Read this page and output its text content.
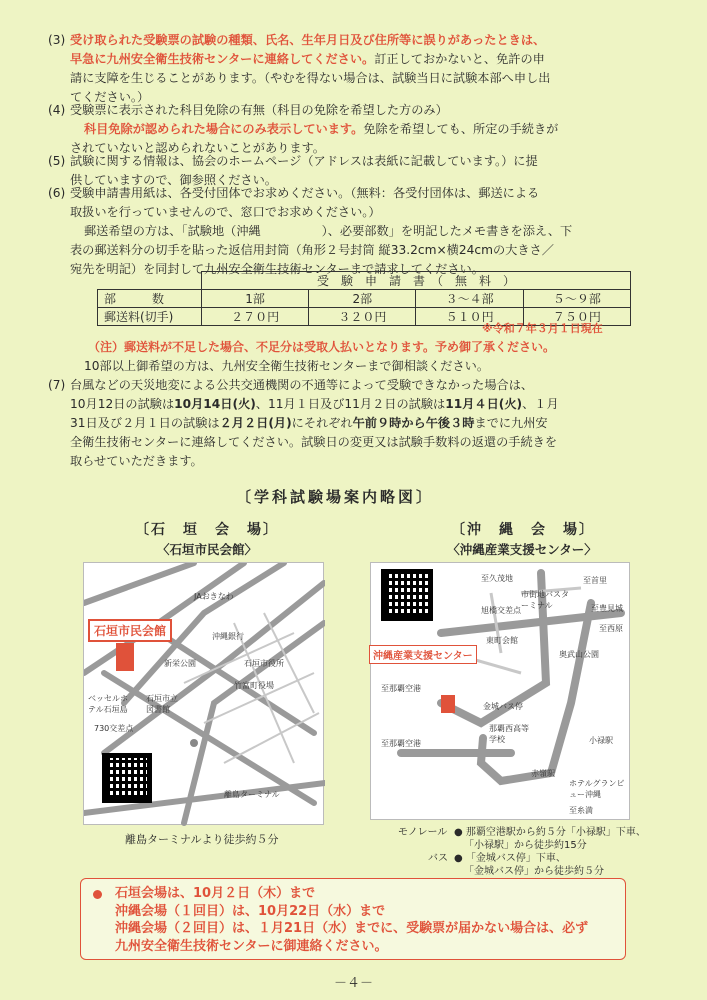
(3) 受け取られた受験票の試験の種類、氏名、生年月日及び住所等に誤りがあったときは、
早急に九州安全衛生技術センターに連絡してください。訂正しておかないと、免許の申
請に支障を生じることがあります。（やむを得ない場合は、試験当日に試験本部へ申し出
てください。）
(4) 受験票に表示された科目免除の有無（科目の免除を希望した方のみ）
科目免除が認められた場合にのみ表示しています。免除を希望しても、所定の手続きが
されていないと認められないことがあります。
(5) 試験に関する情報は、協会のホームページ（アドレスは表紙に記載しています。）に提
供していますので、御参照ください。
(6) 受験申請書用紙は、各受付団体でお求めください。（無料：各受付団体は、郵送による
取扱いを行っていませんので、窓口でお求めください。）
郵送希望の方は、「試験地（沖縄　　　　　）、必要部数」を明記したメモ書きを添え、下
表の郵送料分の切手を貼った返信用封筒（角形２号封筒 縦33.2cm×横24cmの大きさ／
宛先を明記）を同封して九州安全衛生技術センターまで請求してください。
	受　験　申　請　書　（　無　料　）			
部　　　数	1部	2部	３～４部	５～９部
郵送料(切手)	２７０円	３２０円	５１０円	７５０円
※令和７年３月１日現在
（注）郵送料が不足した場合、不足分は受取人払いとなります。予め御了承ください。
10部以上御希望の方は、九州安全衛生技術センターまで御相談ください。
(7) 台風などの天災地変による公共交通機関の不通等によって受験できなかった場合は、
10月12日の試験は10月14日(火)、11月１日及び11月２日の試験は11月４日(火)、１月
31日及び２月１日の試験は２月２日(月)にそれぞれ午前９時から午後３時までに九州安
全衛生技術センターに連絡してください。試験日の変更又は試験手数料の返還の手続きを
取らせていただきます。
〔学科試験場案内略図〕
〔石　垣　会　場〕
〈石垣市民会館〉
石垣市民会館
JAおきなわ
沖縄銀行
石垣市役所
竹富町役場
新栄公園
ベッセルホテル石垣島
石垣市立図書館
730交差点
離島ターミナル
離島ターミナルより徒歩約５分
〔沖　縄　会　場〕
〈沖縄産業支援センター〉
沖縄産業支援センター
至久茂地
市街地バスターミナル
旭橋交差点
東町会館
奥武山公園
至那覇空港
金城バス停
那覇西高等学校	小禄駅
赤嶺駅
ホテルグランビュー沖縄
至糸満
至豊見城
至首里
至西原
至那覇空港
モノレール ● 那覇空港駅から約５分「小禄駅」下車、
「小禄駅」から徒歩約15分
バス ● 「金城バス停」下車、
「金城バス停」から徒歩約５分
石垣会場は、10月２日（木）まで
沖縄会場（１回目）は、10月22日（水）まで
沖縄会場（２回目）は、１月21日（水）までに、受験票が届かない場合は、必ず
九州安全衛生技術センターに御連絡ください。
－４－
